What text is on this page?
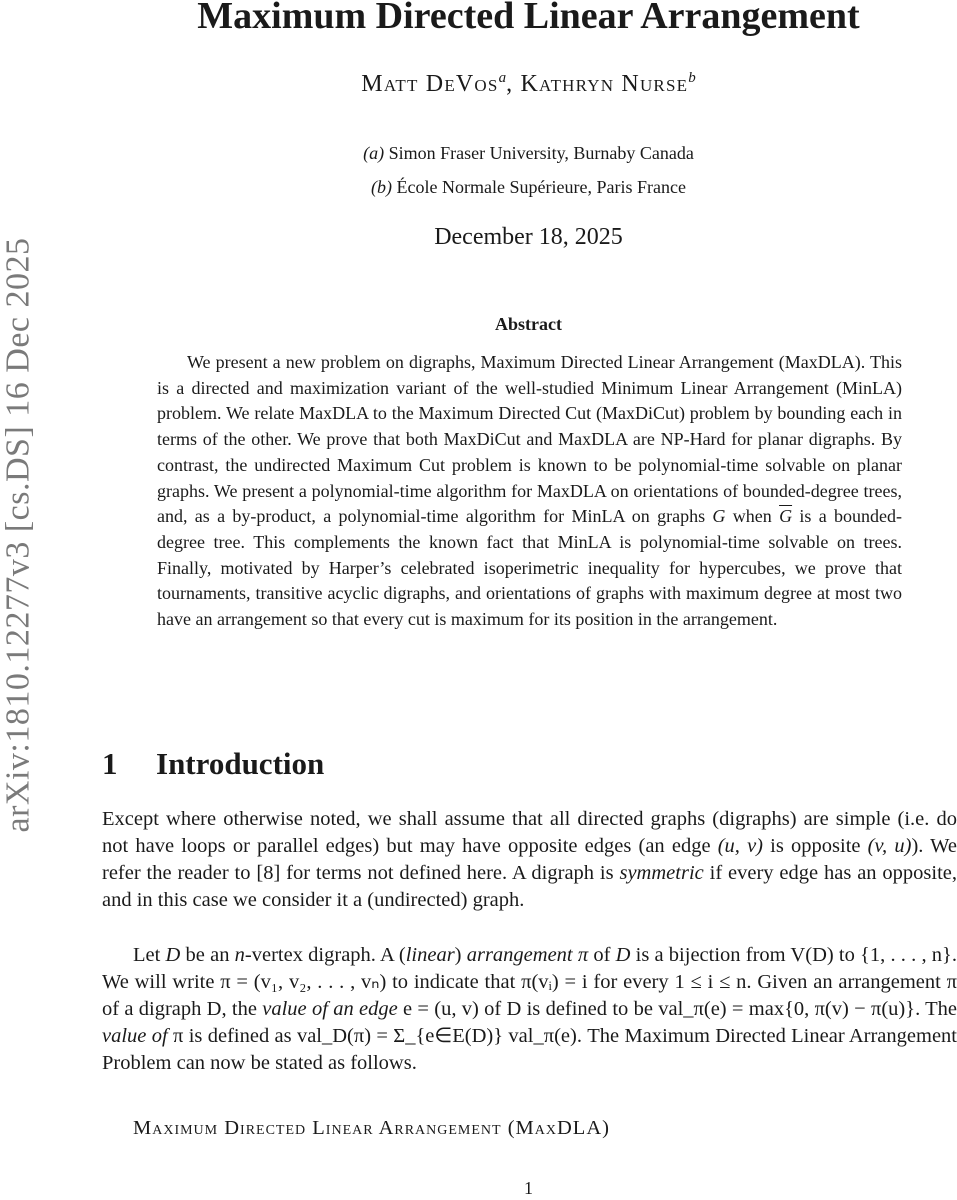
arXiv:1810.12277v3 [cs.DS] 16 Dec 2025
Maximum Directed Linear Arrangement
Matt DeVos$^a$, Kathryn Nurse$^b$
(a) Simon Fraser University, Burnaby Canada
(b) École Normale Supérieure, Paris France
December 18, 2025
Abstract

We present a new problem on digraphs, Maximum Directed Linear Arrangement (MaxDLA). This is a directed and maximization variant of the well-studied Minimum Linear Arrangement (MinLA) problem. We relate MaxDLA to the Maximum Directed Cut (MaxDiCut) problem by bounding each in terms of the other. We prove that both MaxDiCut and MaxDLA are NP-Hard for planar digraphs. By contrast, the undirected Maximum Cut problem is known to be polynomial-time solvable on planar graphs. We present a polynomial-time algorithm for MaxDLA on orientations of bounded-degree trees, and, as a by-product, a polynomial-time algorithm for MinLA on graphs G when $\overline{G}$ is a bounded-degree tree. This complements the known fact that MinLA is polynomial-time solvable on trees. Finally, motivated by Harper’s celebrated isoperimetric inequality for hypercubes, we prove that tournaments, transitive acyclic digraphs, and orientations of graphs with maximum degree at most two have an arrangement so that every cut is maximum for its position in the arrangement.

1 Introduction

Except where otherwise noted, we shall assume that all directed graphs (digraphs) are simple (i.e. do not have loops or parallel edges) but may have opposite edges (an edge (u, v) is opposite (v, u)). We refer the reader to [8] for terms not defined here. A digraph is symmetric if every edge has an opposite, and in this case we consider it a (undirected) graph.

Let D be an n-vertex digraph. A (linear) arrangement π of D is a bijection from V(D) to {1, . . . , n}. We will write π = (v₁, v₂, . . . , vₙ) to indicate that π(vᵢ) = i for every 1 ≤ i ≤ n. Given an arrangement π of a digraph D, the value of an edge e = (u, v) of D is defined to be val_π(e) = max{0, π(v) − π(u)}. The value of π is defined as val_D(π) = Σ_{e∈E(D)} val_π(e). The Maximum Directed Linear Arrangement Problem can now be stated as follows.

Maximum Directed Linear Arrangement (MaxDLA)
1
